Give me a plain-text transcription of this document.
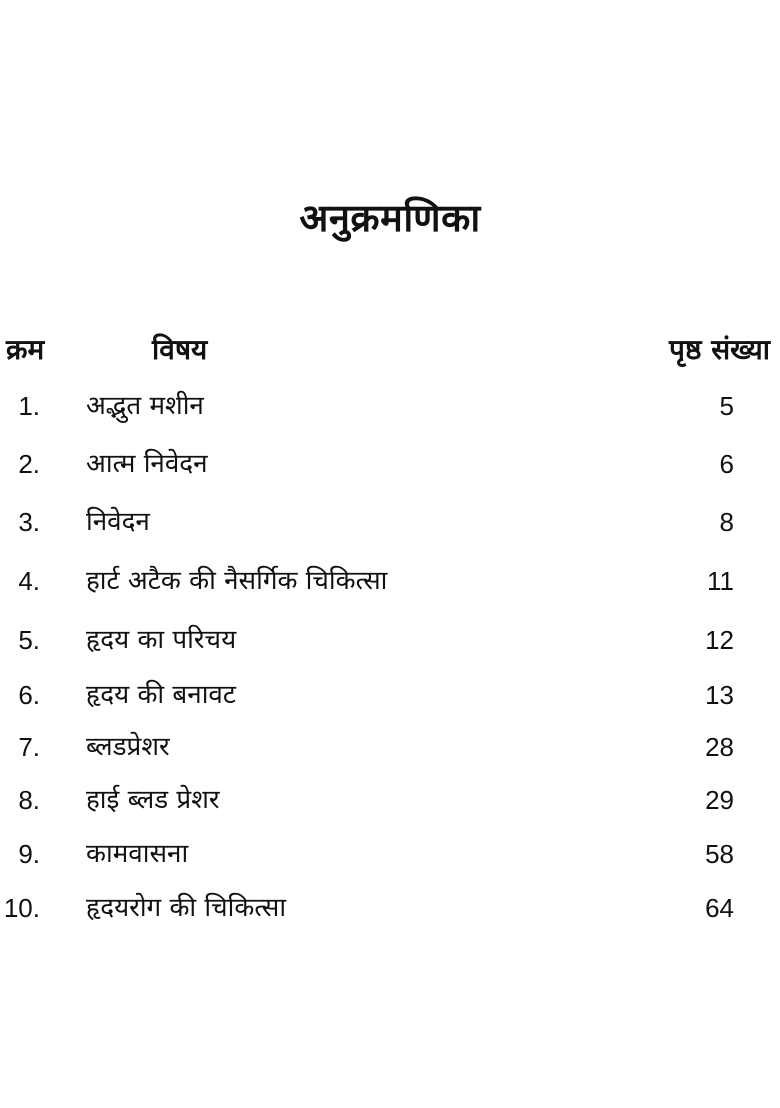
अनुक्रमणिका
क्रम	विषय	पृष्ठ संख्या
1. अद्भुत मशीन	5
2. आत्म निवेदन	6
3. निवेदन	8
4. हार्ट अटैक की नैसर्गिक चिकित्सा	11
5. हृदय का परिचय	12
6. हृदय की बनावट	13
7. ब्लडप्रेशर	28
8. हाई ब्लड प्रेशर	29
9. कामवासना	58
10. हृदयरोग की चिकित्सा	64
